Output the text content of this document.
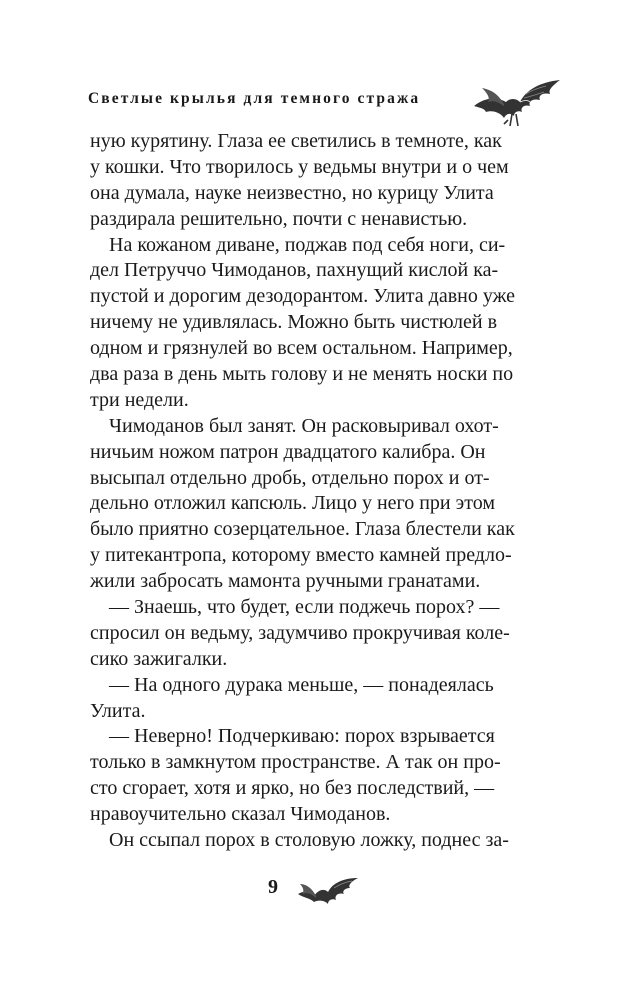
Светлые крылья для темного стража
ную курятину. Глаза ее светились в темноте, как
у кошки. Что творилось у ведьмы внутри и о чем
она думала, науке неизвестно, но курицу Улита
раздирала решительно, почти с ненавистью.
На кожаном диване, поджав под себя ноги, си-
дел Петруччо Чимоданов, пахнущий кислой ка-
пустой и дорогим дезодорантом. Улита давно уже
ничему не удивлялась. Можно быть чистюлей в
одном и грязнулей во всем остальном. Например,
два раза в день мыть голову и не менять носки по
три недели.
Чимоданов был занят. Он расковыривал охот-
ничьим ножом патрон двадцатого калибра. Он
высыпал отдельно дробь, отдельно порох и от-
дельно отложил капсюль. Лицо у него при этом
было приятно созерцательное. Глаза блестели как
у питекантропа, которому вместо камней предло-
жили забросать мамонта ручными гранатами.
— Знаешь, что будет, если поджечь порох? —
спросил он ведьму, задумчиво прокручивая коле-
сико зажигалки.
— На одного дурака меньше, — понадеялась
Улита.
— Неверно! Подчеркиваю: порох взрывается
только в замкнутом пространстве. А так он про-
сто сгорает, хотя и ярко, но без последствий, —
нравоучительно сказал Чимоданов.
Он ссыпал порох в столовую ложку, поднес за-
9
